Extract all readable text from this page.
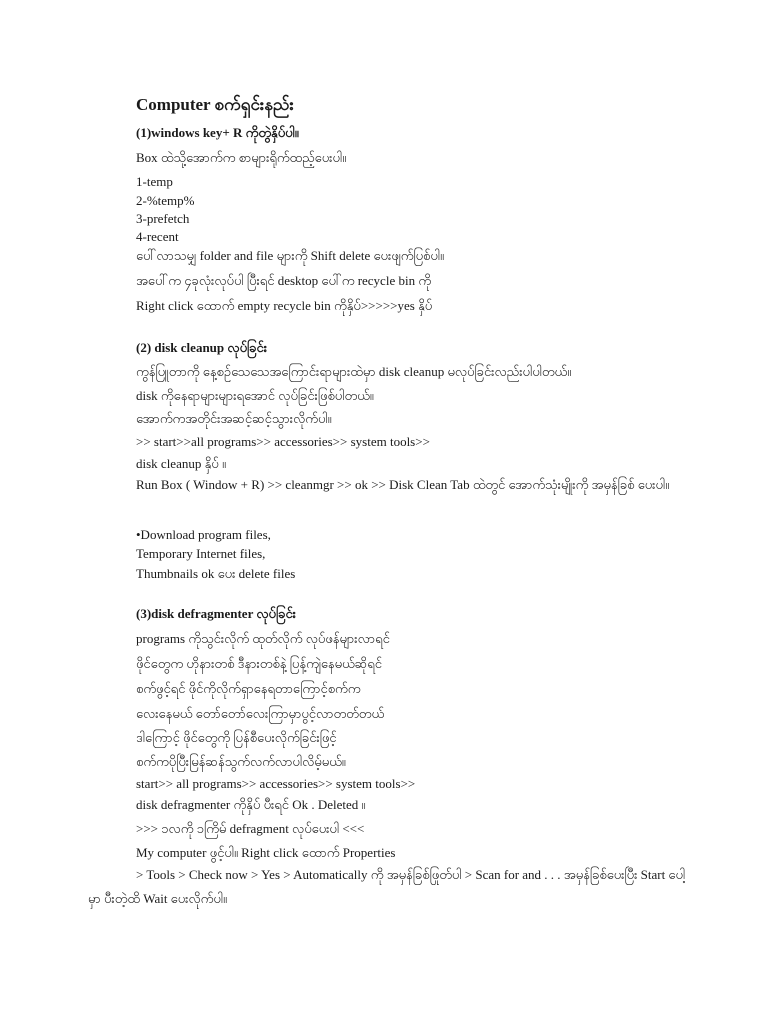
Computer စက်ရှင်းနည်း
(1)windows key+ R ကိုတွဲနှိပ်ပါ။
Box ထဲသို့အောက်က စာများရိုက်ထည့်ပေးပါ။
1-temp
2-%temp%
3-prefetch
4-recent
ပေါ်လာသမျှ folder and file များကို Shift delete ပေးဖျက်ပြစ်ပါ။
အပေါ်က ၄ခုလုံးလုပ်ပါ ပြီးရင် desktop ပေါ်က recycle bin ကို
Right click ထောက် empty recycle bin ကိုနှိပ်>>>>>yes နှိပ်
(2) disk cleanup လုပ်ခြင်း
ကွန်ပြူတာကို နေ့စဉ်သေသေအကြောင်းရာများထဲမှာ disk cleanup မလုပ်ခြင်းလည်းပါပါတယ်။
disk ကိုနေရာများများရအောင် လုပ်ခြင်းဖြစ်ပါတယ်။
အောက်ကအတိုင်းအဆင့်ဆင့်သွားလိုက်ပါ။
>> start>>all programs>> accessories>> system tools>>
disk cleanup နှိပ် ။
Run Box ( Window + R) >> cleanmgr >> ok >> Disk Clean Tab ထဲတွင် အောက်သုံးမျိုးကို အမှန်ခြစ် ပေးပါ။
•Download program files,
Temporary Internet files,
Thumbnails ok ပေး delete files
(3)disk defragmenter လုပ်ခြင်း
programs ကိုသွင်းလိုက် ထုတ်လိုက် လုပ်ဖန်များလာရင်
ဖိုင်တွေက ဟိုနားတစ် ဒီနားတစ်နဲ့ ပြန့်ကျဲနေမယ်ဆိုရင်
စက်ဖွင့်ရင် ဖိုင်ကိုလိုက်ရှာနေရတာကြောင့်စက်က
လေးနေမယ် တော်တော်လေးကြာမှာပွင့်လာတတ်တယ်
ဒါကြောင့် ဖိုင်တွေကို ပြန်စီပေးလိုက်ခြင်းဖြင့်
စက်ကပိုပြီးမြန်ဆန်သွက်လက်လာပါလိမ့်မယ်။
start>> all programs>> accessories>> system tools>>
disk defragmenter ကိုနှိပ် ပီးရင် Ok . Deleted ။
>>> ၁လကို ၁ကြိမ် defragment လုပ်ပေးပါ <<<
My computer ဖွင့်ပါ။ Right click ထောက် Properties
> Tools > Check now > Yes > Automatically ကို အမှန်ခြစ်ဖြုတ်ပါ > Scan for and . . . အမှန်ခြစ်ပေးပြီး Start ပေါ့မှာ ပီးတဲ့ထိ Wait ပေးလိုက်ပါ။
